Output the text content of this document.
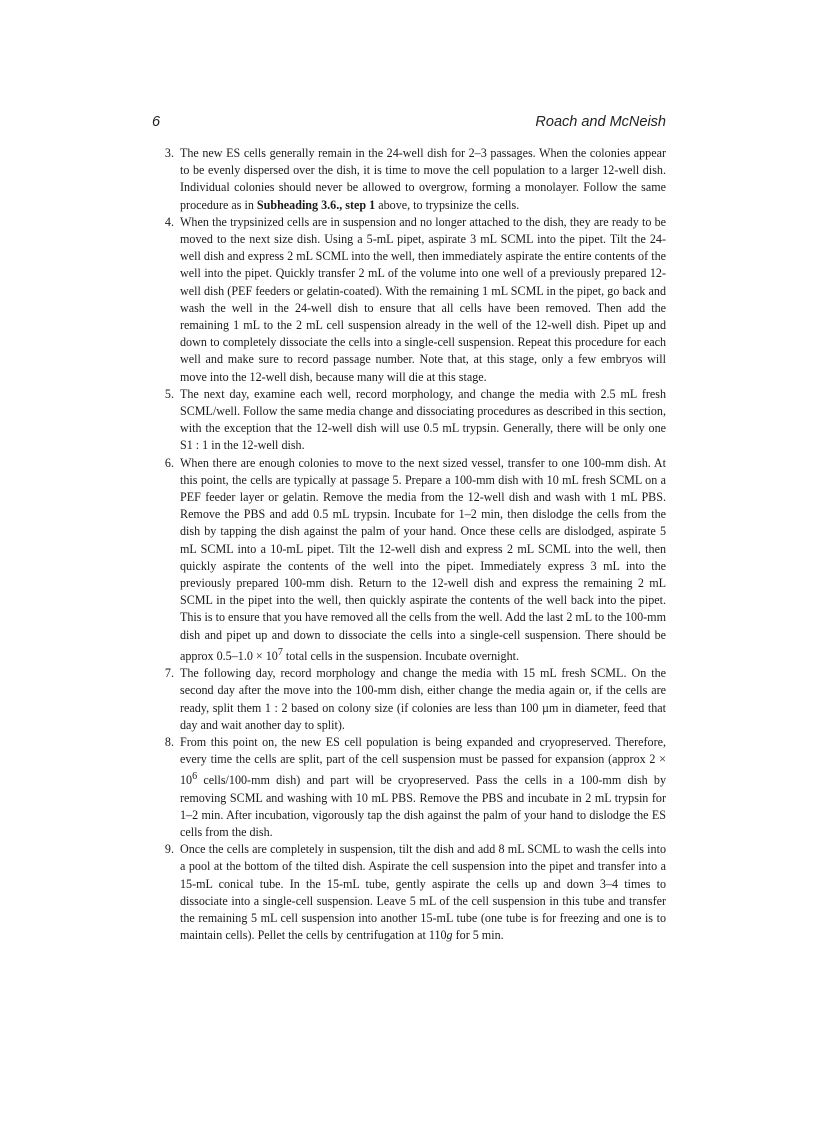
6	Roach and McNeish
3. The new ES cells generally remain in the 24-well dish for 2–3 passages. When the colonies appear to be evenly dispersed over the dish, it is time to move the cell population to a larger 12-well dish. Individual colonies should never be allowed to overgrow, forming a monolayer. Follow the same procedure as in Subheading 3.6., step 1 above, to trypsinize the cells.
4. When the trypsinized cells are in suspension and no longer attached to the dish, they are ready to be moved to the next size dish. Using a 5-mL pipet, aspirate 3 mL SCML into the pipet. Tilt the 24-well dish and express 2 mL SCML into the well, then immediately aspirate the entire contents of the well into the pipet. Quickly transfer 2 mL of the volume into one well of a previously prepared 12-well dish (PEF feeders or gelatin-coated). With the remaining 1 mL SCML in the pipet, go back and wash the well in the 24-well dish to ensure that all cells have been removed. Then add the remaining 1 mL to the 2 mL cell suspension already in the well of the 12-well dish. Pipet up and down to completely dissociate the cells into a single-cell suspension. Repeat this procedure for each well and make sure to record passage number. Note that, at this stage, only a few embryos will move into the 12-well dish, because many will die at this stage.
5. The next day, examine each well, record morphology, and change the media with 2.5 mL fresh SCML/well. Follow the same media change and dissociating procedures as described in this section, with the exception that the 12-well dish will use 0.5 mL trypsin. Generally, there will be only one S1 : 1 in the 12-well dish.
6. When there are enough colonies to move to the next sized vessel, transfer to one 100-mm dish. At this point, the cells are typically at passage 5. Prepare a 100-mm dish with 10 mL fresh SCML on a PEF feeder layer or gelatin. Remove the media from the 12-well dish and wash with 1 mL PBS. Remove the PBS and add 0.5 mL trypsin. Incubate for 1–2 min, then dislodge the cells from the dish by tapping the dish against the palm of your hand. Once these cells are dislodged, aspirate 5 mL SCML into a 10-mL pipet. Tilt the 12-well dish and express 2 mL SCML into the well, then quickly aspirate the contents of the well into the pipet. Immediately express 3 mL into the previously prepared 100-mm dish. Return to the 12-well dish and express the remaining 2 mL SCML in the pipet into the well, then quickly aspirate the contents of the well back into the pipet. This is to ensure that you have removed all the cells from the well. Add the last 2 mL to the 100-mm dish and pipet up and down to dissociate the cells into a single-cell suspension. There should be approx $0.5-1.0 \times 10^7$ total cells in the suspension. Incubate overnight.
7. The following day, record morphology and change the media with 15 mL fresh SCML. On the second day after the move into the 100-mm dish, either change the media again or, if the cells are ready, split them 1 : 2 based on colony size (if colonies are less than 100 µm in diameter, feed that day and wait another day to split).
8. From this point on, the new ES cell population is being expanded and cryopreserved. Therefore, every time the cells are split, part of the cell suspension must be passed for expansion (approx $2 \times 10^6$ cells/100-mm dish) and part will be cryopreserved. Pass the cells in a 100-mm dish by removing SCML and washing with 10 mL PBS. Remove the PBS and incubate in 2 mL trypsin for 1–2 min. After incubation, vigorously tap the dish against the palm of your hand to dislodge the ES cells from the dish.
9. Once the cells are completely in suspension, tilt the dish and add 8 mL SCML to wash the cells into a pool at the bottom of the tilted dish. Aspirate the cell suspension into the pipet and transfer into a 15-mL conical tube. In the 15-mL tube, gently aspirate the cells up and down 3–4 times to dissociate into a single-cell suspension. Leave 5 mL of the cell suspension in this tube and transfer the remaining 5 mL cell suspension into another 15-mL tube (one tube is for freezing and one is to maintain cells). Pellet the cells by centrifugation at 110g for 5 min.
